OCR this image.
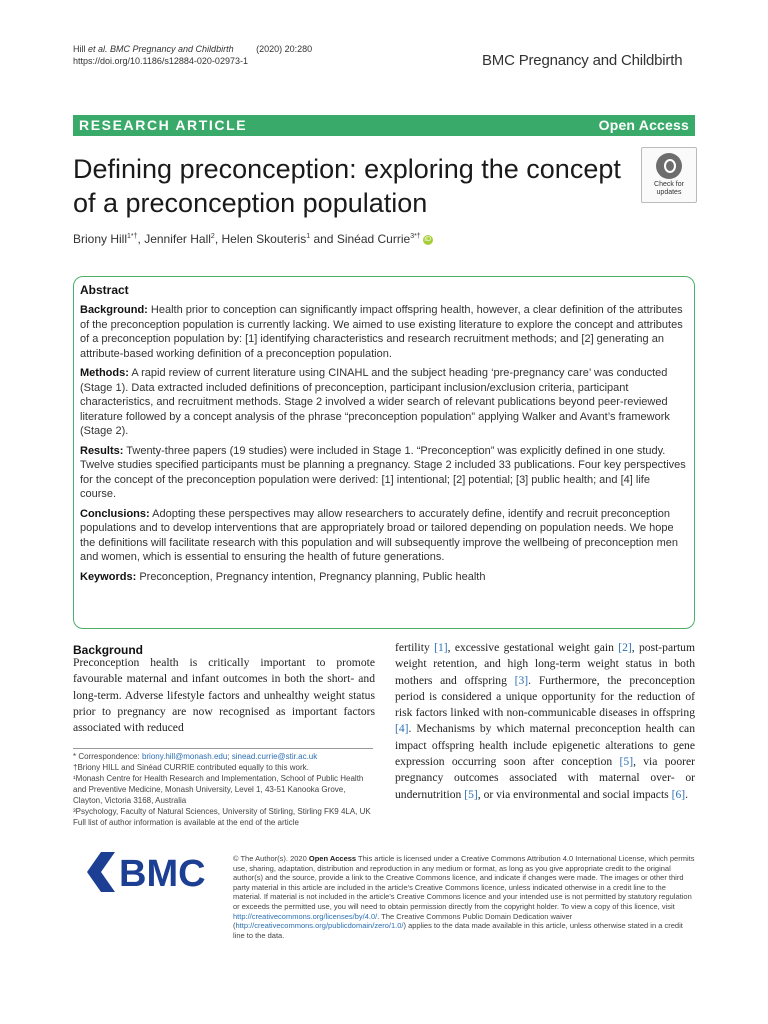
Hill et al. BMC Pregnancy and Childbirth	(2020) 20:280
https://doi.org/10.1186/s12884-020-02973-1	BMC Pregnancy and Childbirth
RESEARCH ARTICLE	Open Access
Defining preconception: exploring the concept of a preconception population
Check for
updates
Briony Hill$^{1*\dagger}$, Jennifer Hall$^2$, Helen Skouteris$^1$ and Sinéad Currie$^{3*\dagger}$ iD
Abstract

Background: Health prior to conception can significantly impact offspring health, however, a clear definition of the attributes of the preconception population is currently lacking. We aimed to use existing literature to explore the concept and attributes of a preconception population by: [1] identifying characteristics and research recruitment methods; and [2] generating an attribute-based working definition of a preconception population.

Methods: A rapid review of current literature using CINAHL and the subject heading ‘pre-pregnancy care’ was conducted (Stage 1). Data extracted included definitions of preconception, participant inclusion/exclusion criteria, participant characteristics, and recruitment methods. Stage 2 involved a wider search of relevant publications beyond peer-reviewed literature followed by a concept analysis of the phrase “preconception population” applying Walker and Avant’s framework (Stage 2).

Results: Twenty-three papers (19 studies) were included in Stage 1. “Preconception” was explicitly defined in one study. Twelve studies specified participants must be planning a pregnancy. Stage 2 included 33 publications. Four key perspectives for the concept of the preconception population were derived: [1] intentional; [2] potential; [3] public health; and [4] life course.

Conclusions: Adopting these perspectives may allow researchers to accurately define, identify and recruit preconception populations and to develop interventions that are appropriately broad or tailored depending on population needs. We hope the definitions will facilitate research with this population and will subsequently improve the wellbeing of preconception men and women, which is essential to ensuring the health of future generations.

Keywords: Preconception, Pregnancy intention, Pregnancy planning, Public health

Background
Preconception health is critically important to promote favourable maternal and infant outcomes in both the short- and long-term. Adverse lifestyle factors and unhealthy weight status prior to pregnancy are now recognised as important factors associated with reduced
fertility [1], excessive gestational weight gain [2], post-partum weight retention, and high long-term weight status in both mothers and offspring [3]. Furthermore, the preconception period is considered a unique opportunity for the reduction of risk factors linked with non-communicable diseases in offspring [4]. Mechanisms by which maternal preconception health can impact offspring health include epigenetic alterations to gene expression occurring soon after conception [5], via poorer pregnancy outcomes associated with maternal over- or undernutrition [5], or via environmental and social impacts [6].
* Correspondence: briony.hill@monash.edu; sinead.currie@stir.ac.uk
†Briony HILL and Sinéad CURRIE contributed equally to this work.
¹Monash Centre for Health Research and Implementation, School of Public Health and Preventive Medicine, Monash University, Level 1, 43-51 Kanooka Grove, Clayton, Victoria 3168, Australia
³Psychology, Faculty of Natural Sciences, University of Stirling, Stirling FK9 4LA, UK
Full list of author information is available at the end of the article
BMC	© The Author(s). 2020 Open Access This article is licensed under a Creative Commons Attribution 4.0 International License, which permits use, sharing, adaptation, distribution and reproduction in any medium or format, as long as you give appropriate credit to the original author(s) and the source, provide a link to the Creative Commons licence, and indicate if changes were made. The images or other third party material in this article are included in the article's Creative Commons licence, unless indicated otherwise in a credit line to the material. If material is not included in the article's Creative Commons licence and your intended use is not permitted by statutory regulation or exceeds the permitted use, you will need to obtain permission directly from the copyright holder. To view a copy of this licence, visit http://creativecommons.org/licenses/by/4.0/. The Creative Commons Public Domain Dedication waiver (http://creativecommons.org/publicdomain/zero/1.0/) applies to the data made available in this article, unless otherwise stated in a credit line to the data.
